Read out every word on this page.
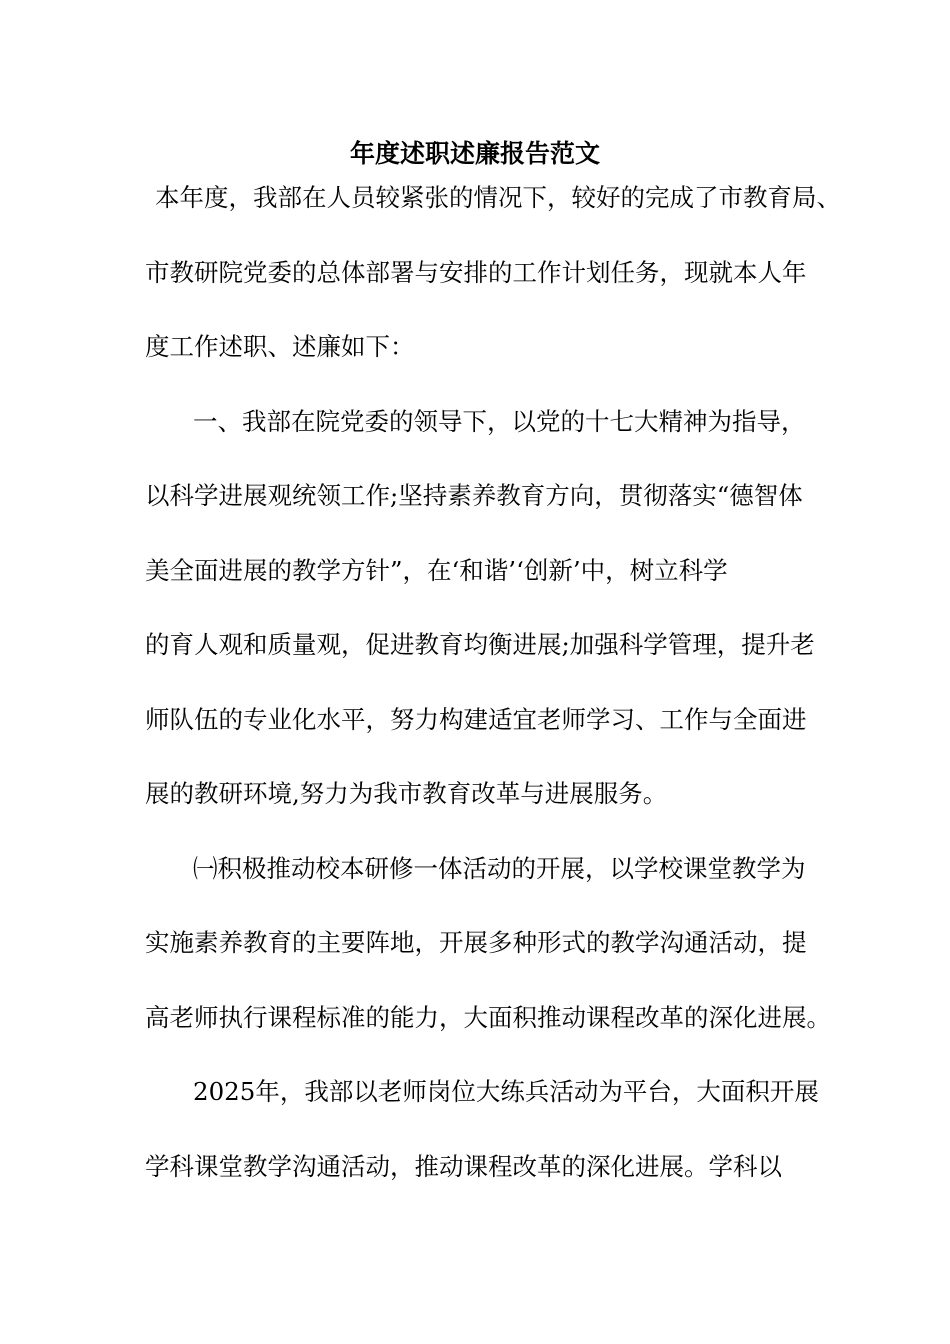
年度述职述廉报告范文
本年度，我部在人员较紧张的情况下，较好的完成了市教育局、
市教研院党委的总体部署与安排的工作计划任务，现就本人年
度工作述职、述廉如下：
一、我部在院党委的领导下，以党的十七大精神为指导，
以科学进展观统领工作;坚持素养教育方向，贯彻落实“德智体
美全面进展的教学方针”，在‘和谐’‘创新’中，树立科学
的育人观和质量观，促进教育均衡进展;加强科学管理，提升老
师队伍的专业化水平，努力构建适宜老师学习、工作与全面进
展的教研环境,努力为我市教育改革与进展服务。
㈠积极推动校本研修一体活动的开展，以学校课堂教学为
实施素养教育的主要阵地，开展多种形式的教学沟通活动，提
高老师执行课程标准的能力，大面积推动课程改革的深化进展。
2025年，我部以老师岗位大练兵活动为平台，大面积开展
学科课堂教学沟通活动，推动课程改革的深化进展。学科以
